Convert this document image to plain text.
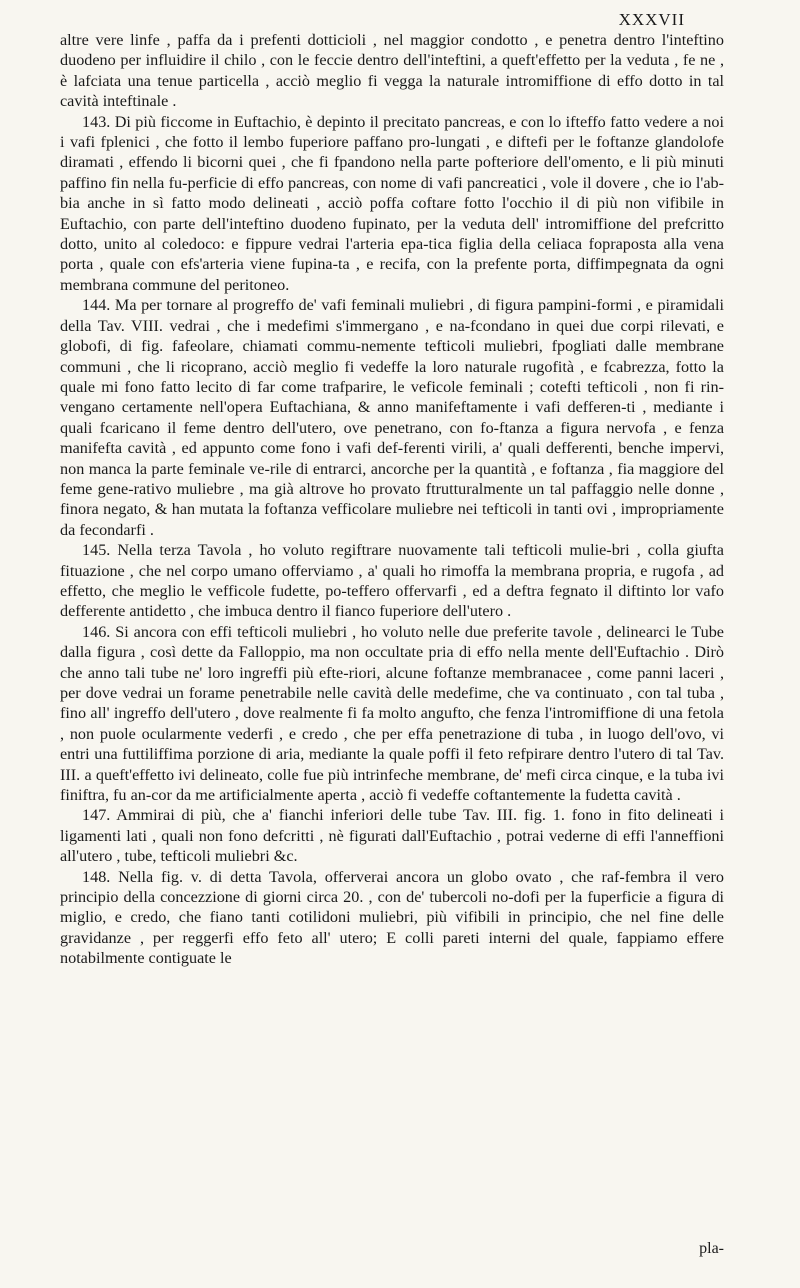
XXXVII

altre vere linfe , paffa da i prefenti dotticioli , nel maggior condotto , e penetra dentro l'inteftino duodeno per influidire il chilo , con le feccie dentro dell'inteftini, a queft'effetto per la veduta , fe ne , è lafciata una tenue particella , acciò meglio fi vegga la naturale intromiffione di effo dotto in tal cavità inteftinale .

143. Di più ficcome in Euftachio, è depinto il precitato pancreas, e con lo ifteffo fatto vedere a noi i vafi fplenici , che fotto il lembo fuperiore paffano pro-lungati , e diftefi per le foftanze glandolofe diramati , effendo li bicorni quei , che fi fpandono nella parte pofteriore dell'omento, e li più minuti paffino fin nella fu-perficie di effo pancreas, con nome di vafi pancreatici , vole il dovere , che io l'ab-bia anche in sì fatto modo delineati , acciò poffa coftare fotto l'occhio il di più non vifibile in Euftachio, con parte dell'inteftino duodeno fupinato, per la veduta dell' intromiffione del prefcritto dotto, unito al coledoco: e fippure vedrai l'arteria epa-tica figlia della celiaca fopraposta alla vena porta , quale con efs'arteria viene fupina-ta , e recifa, con la prefente porta, diffimpegnata da ogni membrana commune del peritoneo.

144. Ma per tornare al progreffo de' vafi feminali muliebri , di figura pampini-formi , e piramidali della Tav. VIII. vedrai , che i medefimi s'immergano , e na-fcondano in quei due corpi rilevati, e globofi, di fig. fafeolare, chiamati commu-nemente tefticoli muliebri, fpogliati dalle membrane communi , che li ricoprano, acciò meglio fi vedeffe la loro naturale rugofità , e fcabrezza, fotto la quale mi fono fatto lecito di far come trafparire, le veficole feminali ; cotefti tefticoli , non fi rin-vengano certamente nell'opera Euftachiana, & anno manifeftamente i vafi defferen-ti , mediante i quali fcaricano il feme dentro dell'utero, ove penetrano, con fo-ftanza a figura nervofa , e fenza manifefta cavità , ed appunto come fono i vafi def-ferenti virili, a' quali defferenti, benche impervi, non manca la parte feminale ve-rile di entrarci, ancorche per la quantità , e foftanza , fia maggiore del feme gene-rativo muliebre , ma già altrove ho provato ftrutturalmente un tal paffaggio nelle donne , finora negato, & han mutata la foftanza vefficolare muliebre nei tefticoli in tanti ovi , impropriamente da fecondarfi .

145. Nella terza Tavola , ho voluto regiftrare nuovamente tali tefticoli mulie-bri , colla giufta fituazione , che nel corpo umano offerviamo , a' quali ho rimoffa la membrana propria, e rugofa , ad effetto, che meglio le vefficole fudette, po-teffero offervarfi , ed a deftra fegnato il diftinto lor vafo defferente antidetto , che imbuca dentro il fianco fuperiore dell'utero .

146. Si ancora con effi tefticoli muliebri , ho voluto nelle due preferite tavole , delinearci le Tube dalla figura , così dette da Falloppio, ma non occultate pria di effo nella mente dell'Euftachio . Dirò che anno tali tube ne' loro ingreffi più efte-riori, alcune foftanze membranacee , come panni laceri , per dove vedrai un forame penetrabile nelle cavità delle medefime, che va continuato , con tal tuba , fino all' ingreffo dell'utero , dove realmente fi fa molto angufto, che fenza l'intromiffione di una fetola , non puole ocularmente vederfi , e credo , che per effa penetrazione di tuba , in luogo dell'ovo, vi entri una futtiliffima porzione di aria, mediante la quale poffi il feto refpirare dentro l'utero di tal Tav. III. a queft'effetto ivi delineato, colle fue più intrinfeche membrane, de' mefi circa cinque, e la tuba ivi finiftra, fu an-cor da me artificialmente aperta , acciò fi vedeffe coftantemente la fudetta cavità .

147. Ammirai di più, che a' fianchi inferiori delle tube Tav. III. fig. 1. fono in fito delineati i ligamenti lati , quali non fono defcritti , nè figurati dall'Euftachio , potrai vederne di effi l'anneffioni all'utero , tube, tefticoli muliebri &c.

148. Nella fig. v. di detta Tavola, offerverai ancora un globo ovato , che raf-fembra il vero principio della concezzione di giorni circa 20. , con de' tubercoli no-dofi per la fuperficie a figura di miglio, e credo, che fiano tanti cotilidoni muliebri, più vifibili in principio, che nel fine delle gravidanze , per reggerfi effo feto all' utero; E colli pareti interni del quale, fappiamo effere notabilmente contiguate le

pla-
